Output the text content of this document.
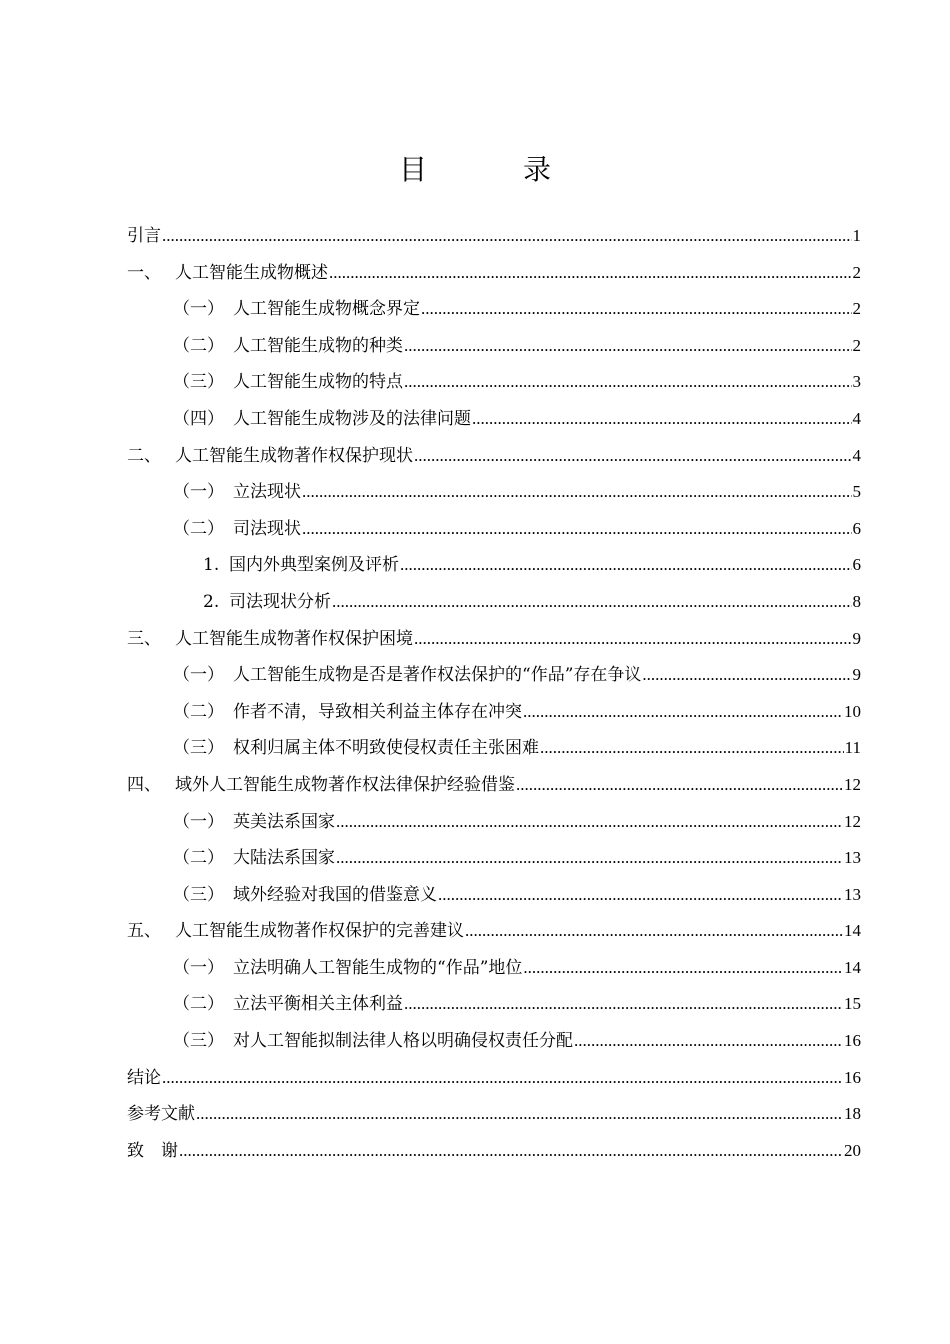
目　录
引言 .....	1
一、 人工智能生成物概述 .....	2
（一） 人工智能生成物概念界定 .....	2
（二） 人工智能生成物的种类 .....	2
（三） 人工智能生成物的特点 .....	3
（四） 人工智能生成物涉及的法律问题 .....	4
二、 人工智能生成物著作权保护现状 .....	4
（一） 立法现状 .....	5
（二） 司法现状 .....	6
1. 国内外典型案例及评析 .....	6
2. 司法现状分析 .....	8
三、 人工智能生成物著作权保护困境 .....	9
（一） 人工智能生成物是否是著作权法保护的“作品”存在争议 .....	9
（二） 作者不清，导致相关利益主体存在冲突 .....	10
（三） 权利归属主体不明致使侵权责任主张困难 .....	11
四、 域外人工智能生成物著作权法律保护经验借鉴 .....	12
（一） 英美法系国家 .....	12
（二） 大陆法系国家 .....	13
（三） 域外经验对我国的借鉴意义 .....	13
五、 人工智能生成物著作权保护的完善建议 .....	14
（一） 立法明确人工智能生成物的“作品”地位 .....	14
（二） 立法平衡相关主体利益 .....	15
（三） 对人工智能拟制法律人格以明确侵权责任分配 .....	16
结论 .....	16
参考文献 .....	18
致　谢 .....	20
